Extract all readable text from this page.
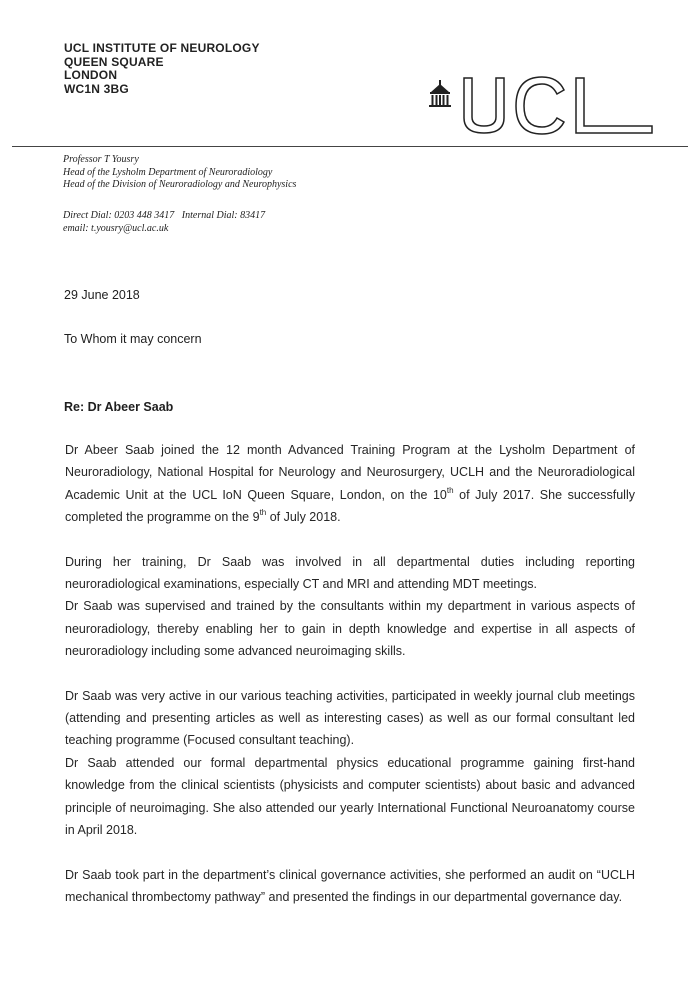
UCL INSTITUTE OF NEUROLOGY
QUEEN SQUARE
LONDON
WC1N 3BG
Professor T Yousry
Head of the Lysholm Department of Neuroradiology
Head of the Division of Neuroradiology and Neurophysics
Direct Dial: 0203 448 3417 Internal Dial: 83417
email: t.yousry@ucl.ac.uk
29 June 2018
To Whom it may concern
Re: Dr Abeer Saab

Dr Abeer Saab joined the 12 month Advanced Training Program at the Lysholm Department of Neuroradiology, National Hospital for Neurology and Neurosurgery, UCLH and the Neuroradiological Academic Unit at the UCL IoN Queen Square, London, on the 10th of July 2017. She successfully completed the programme on the 9th of July 2018.

During her training, Dr Saab was involved in all departmental duties including reporting neuroradiological examinations, especially CT and MRI and attending MDT meetings.

Dr Saab was supervised and trained by the consultants within my department in various aspects of neuroradiology, thereby enabling her to gain in depth knowledge and expertise in all aspects of neuroradiology including some advanced neuroimaging skills.

Dr Saab was very active in our various teaching activities, participated in weekly journal club meetings (attending and presenting articles as well as interesting cases) as well as our formal consultant led teaching programme (Focused consultant teaching).

Dr Saab attended our formal departmental physics educational programme gaining first-hand knowledge from the clinical scientists (physicists and computer scientists) about basic and advanced principle of neuroimaging. She also attended our yearly International Functional Neuroanatomy course in April 2018.

Dr Saab took part in the department’s clinical governance activities, she performed an audit on “UCLH mechanical thrombectomy pathway” and presented the findings in our departmental governance day.
